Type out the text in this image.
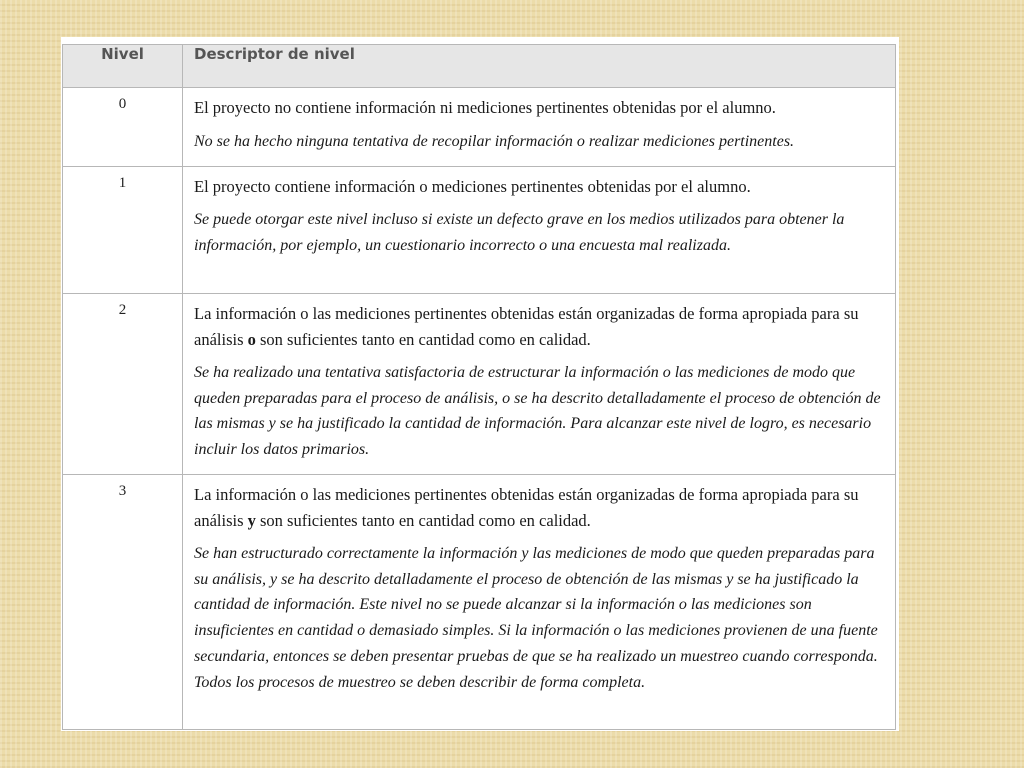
Nivel	Descriptor de nivel
0	El proyecto no contiene información ni mediciones pertinentes obtenidas por el alumno.

No se ha hecho ninguna tentativa de recopilar información o realizar mediciones pertinentes.

1	El proyecto contiene información o mediciones pertinentes obtenidas por el alumno.

Se puede otorgar este nivel incluso si existe un defecto grave en los medios utilizados para obtener la información, por ejemplo, un cuestionario incorrecto o una encuesta mal realizada.

2	La información o las mediciones pertinentes obtenidas están organizadas de forma apropiada para su análisis o son suficientes tanto en cantidad como en calidad.

Se ha realizado una tentativa satisfactoria de estructurar la información o las mediciones de modo que queden preparadas para el proceso de análisis, o se ha descrito detalladamente el proceso de obtención de las mismas y se ha justificado la cantidad de información. Para alcanzar este nivel de logro, es necesario incluir los datos primarios.

3	La información o las mediciones pertinentes obtenidas están organizadas de forma apropiada para su análisis y son suficientes tanto en cantidad como en calidad.

Se han estructurado correctamente la información y las mediciones de modo que queden preparadas para su análisis, y se ha descrito detalladamente el proceso de obtención de las mismas y se ha justificado la cantidad de información. Este nivel no se puede alcanzar si la información o las mediciones son insuficientes en cantidad o demasiado simples. Si la información o las mediciones provienen de una fuente secundaria, entonces se deben presentar pruebas de que se ha realizado un muestreo cuando corresponda. Todos los procesos de muestreo se deben describir de forma completa.
